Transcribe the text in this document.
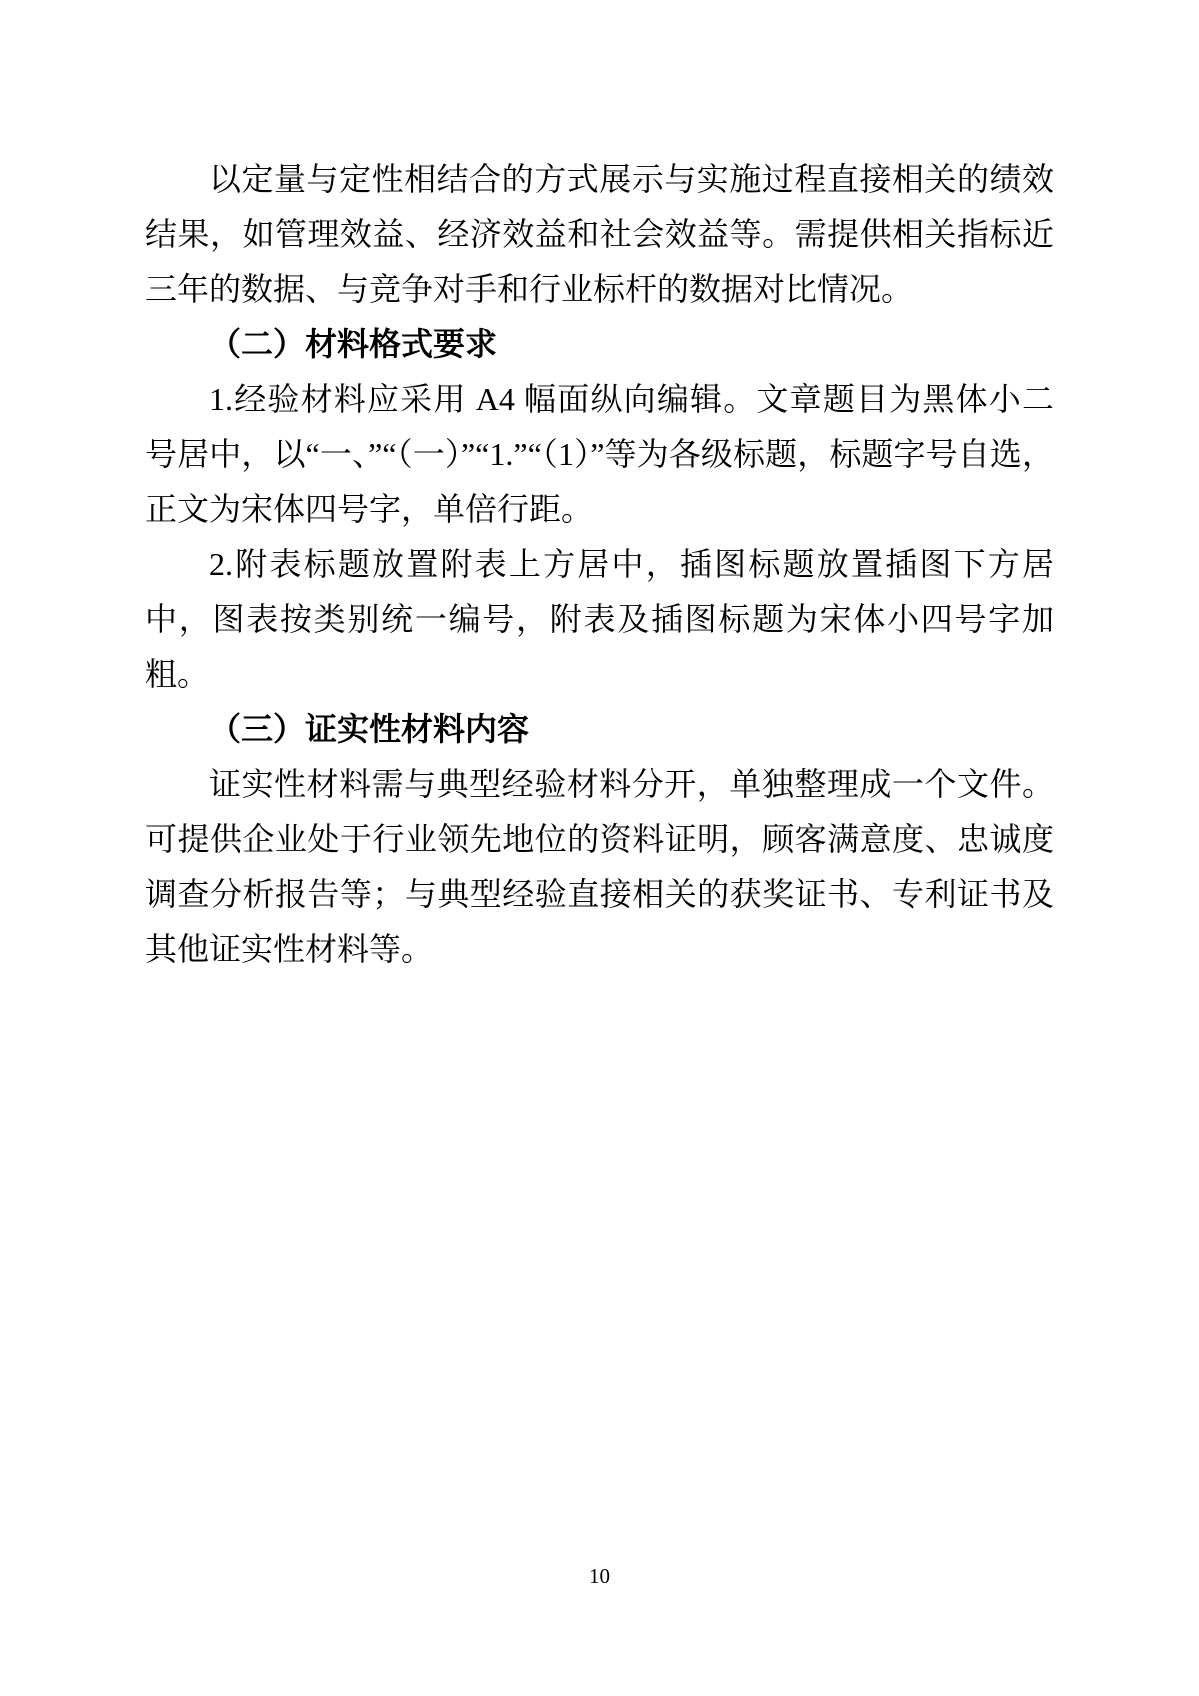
以定量与定性相结合的方式展示与实施过程直接相关的绩效结果，如管理效益、经济效益和社会效益等。需提供相关指标近三年的数据、与竞争对手和行业标杆的数据对比情况。

（二）材料格式要求

1.经验材料应采用 A4 幅面纵向编辑。文章题目为黑体小二号居中，以“一、”“（一）”“1.”“（1）”等为各级标题，标题字号自选，正文为宋体四号字，单倍行距。

2.附表标题放置附表上方居中，插图标题放置插图下方居中，图表按类别统一编号，附表及插图标题为宋体小四号字加粗。

（三）证实性材料内容

证实性材料需与典型经验材料分开，单独整理成一个文件。可提供企业处于行业领先地位的资料证明，顾客满意度、忠诚度调查分析报告等；与典型经验直接相关的获奖证书、专利证书及其他证实性材料等。

10
